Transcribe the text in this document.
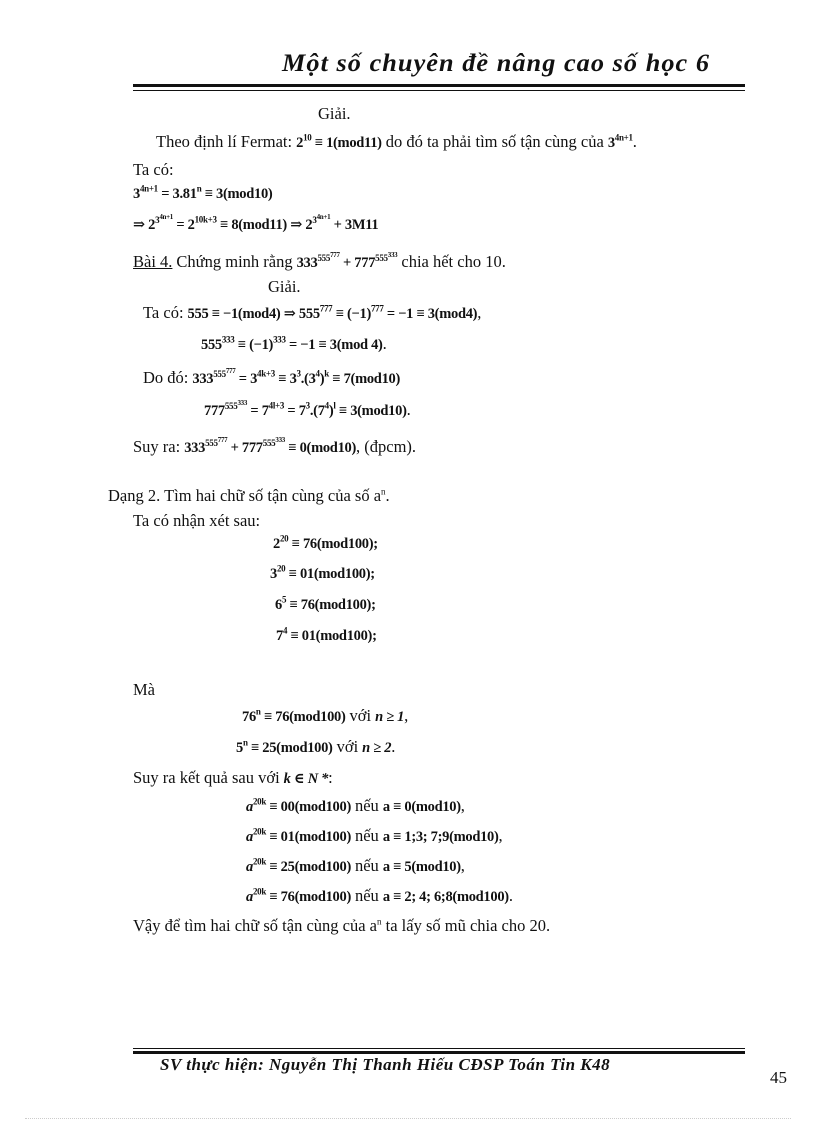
Một số chuyên đề nâng cao số học 6
Giải.
Theo định lí Fermat: $2^{10} \equiv 1(mod11)$ do đó ta phải tìm số tận cùng của $3^{4n+1}$.
Ta có:
$3^{4n+1} = 3.81^n \equiv 3(mod10)$
⇒ $2^{3^{4n+1}} = 2^{10k+3} \equiv 8(mod11)$ ⇒ $2^{3^{4n+1}} + 3M11$
Bài 4. Chứng minh rằng $333^{555^{777}} + 777^{555^{333}}$ chia hết cho 10.
Giải.
Ta có: 555 ≡ −1(mod4) ⇒ $555^{777} \equiv (-1)^{777} = -1 \equiv 3(mod4)$,
$555^{333} \equiv (-1)^{333} = -1 \equiv 3(mod$ 4).
Do đó: $333^{555^{777}} = 3^{4k+3} \equiv 3^3.(3^4)^k \equiv 7(mod10)$
$777^{555^{333}} = 7^{4l+3} = 7^3.(7^4)^l \equiv 3(mod10)$.
Suy ra: $333^{555^{777}} + 777^{555^{333}} \equiv 0(mod10)$, (đpcm).
Dạng 2. Tìm hai chữ số tận cùng của số $a^n$.
Ta có nhận xét sau:
$2^{20} \equiv 76(mod100)$;
$3^{20} \equiv 01(mod100)$;
$6^5 \equiv 76(mod100)$;
$7^4 \equiv 01(mod100)$;
Mà
$76^n \equiv 76(mod100)$ với n ≥ 1,
$5^n \equiv 25(mod100)$ với n ≥ 2.
Suy ra kết quả sau với k ∈ N *:
$a^{20k} \equiv 00(mod100)$ nếu a ≡ 0(mod10),
$a^{20k} \equiv 01(mod100)$ nếu a ≡ 1;3; 7;9(mod10),
$a^{20k} \equiv 25(mod100)$ nếu a ≡ 5(mod10),
$a^{20k} \equiv 76(mod100)$ nếu a ≡ 2; 4; 6;8(mod100).
Vậy để tìm hai chữ số tận cùng của $a^n$ ta lấy số mũ chia cho 20.
SV thực hiện: Nguyễn Thị Thanh Hiếu CĐSP Toán Tin K48
45
